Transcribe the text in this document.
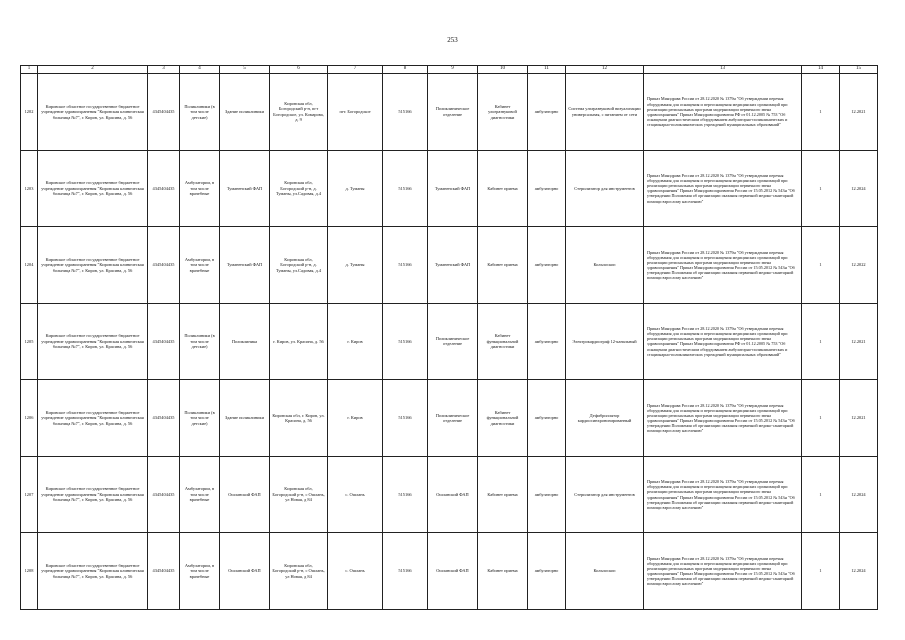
253
1	2	3	4	5	6	7	8	9	10	11	12	13	14	15
1202	Кировское областное государственное бюджетное учреждение здравоохранения "Кировская клиническая больница №7", г. Киров, ул. Красина, д. 56	4345404435	Поликлиники (в том числе детские)	Здание поликлиники	Кировская обл, Богородский р-н, пгт Богородское, ул. Комарова, д. 9	пгт. Богородское	515166	Поликлиническое отделение	Кабинет ультразвуковой диагностики	амбулаторно	Система ультразвуковой визуализации универсальная, с питанием от сети	Приказ Минздрава России от 28.12.2020 № 1379н "Об утверждении перечня оборудования для оснащения и переоснащения медицинских организаций при реализации региональных программ модернизации первичного звена здравоохранения" Приказ Минздравсоцразвития РФ от 01.12.2005 № 753 "Об оснащении диагностическим оборудованием амбулаторно-поликлинических и стационарно-поликлинических учреждений муниципальных образований"	1	12.2021
1203	Кировское областное государственное бюджетное учреждение здравоохранения "Кировская клиническая больница №7", г. Киров, ул. Красина, д. 56	4345404435	Амбулатории, в том числе врачебные	Туманенский ФАП	Кировская обл, Богородский р-н, д. Туманы, ул.Садовая, д.4	д. Туманы	515166	Туманенский ФАП	Кабинет приема	амбулаторно	Стерилизатор для инструментов	Приказ Минздрава России от 28.12.2020 № 1379н "Об утверждении перечня оборудования для оснащения и переоснащения медицинских организаций при реализации региональных программ модернизации первичного звена здравоохранения" Приказ Минздравсоцразвития России от 15.05.2012 № 543н "Об утверждении Положения об организации оказания первичной медико-санитарной помощи взрослому населению"	1	12.2024
1204	Кировское областное государственное бюджетное учреждение здравоохранения "Кировская клиническая больница №7", г. Киров, ул. Красина, д. 56	4345404435	Амбулатории, в том числе врачебные	Туманенский ФАП	Кировская обл, Богородский р-н, д. Туманы, ул.Садовая, д.4	д. Туманы	515166	Туманенский ФАП	Кабинет приема	амбулаторно	Кольпоскоп	Приказ Минздрава России от 28.12.2020 № 1379н "Об утверждении перечня оборудования для оснащения и переоснащения медицинских организаций при реализации региональных программ модернизации первичного звена здравоохранения" Приказ Минздравсоцразвития России от 15.05.2012 № 543н "Об утверждении Положения об организации оказания первичной медико-санитарной помощи взрослому населению"	1	12.2022
1205	Кировское областное государственное бюджетное учреждение здравоохранения "Кировская клиническая больница №7", г. Киров, ул. Красина, д. 56	4345404435	Поликлиники (в том числе детские)	Поликлиника	г. Киров, ул. Красина, д. 56	г. Киров	515166	Поликлиническое отделение	Кабинет функциональной диагностики	амбулаторно	Электрокардиограф 12-канальный	Приказ Минздрава России от 28.12.2020 № 1379н "Об утверждении перечня оборудования для оснащения и переоснащения медицинских организаций при реализации региональных программ модернизации первичного звена здравоохранения" Приказ Минздравсоцразвития РФ от 01.12.2005 № 753 "Об оснащении диагностическим оборудованием амбулаторно-поликлинических и стационарно-поликлинических учреждений муниципальных образований"	1	12.2021
1206	Кировское областное государственное бюджетное учреждение здравоохранения "Кировская клиническая больница №7", г. Киров, ул. Красина, д. 56	4345404435	Поликлиники (в том числе детские)	Здание поликлиники	Кировская обл, г. Киров, ул. Красина, д. 56	г. Киров	515166	Поликлиническое отделение	Кабинет функциональной диагностики	амбулаторно	Дефибриллятор кардиосинхронизированный	Приказ Минздрава России от 28.12.2020 № 1379н "Об утверждении перечня оборудования для оснащения и переоснащения медицинских организаций при реализации региональных программ модернизации первичного звена здравоохранения" Приказ Минздравсоцразвития России от 15.05.2012 № 543н "Об утверждении Положения об организации оказания первичной медико-санитарной помощи взрослому населению"	1	12.2021
1207	Кировское областное государственное бюджетное учреждение здравоохранения "Кировская клиническая больница №7", г. Киров, ул. Красина, д. 56	4345404435	Амбулатории, в том числе врачебные	Ошланский ФАП	Кировская обл, Богородский р-н, с Ошлань, ул Новая, д 84	с. Ошлань	515166	Ошланский ФАП	Кабинет приема	амбулаторно	Стерилизатор для инструментов	Приказ Минздрава России от 28.12.2020 № 1379н "Об утверждении перечня оборудования для оснащения и переоснащения медицинских организаций при реализации региональных программ модернизации первичного звена здравоохранения" Приказ Минздравсоцразвития России от 15.05.2012 № 543н "Об утверждении Положения об организации оказания первичной медико-санитарной помощи взрослому населению"	1	12.2024
1208	Кировское областное государственное бюджетное учреждение здравоохранения "Кировская клиническая больница №7", г. Киров, ул. Красина, д. 56	4345404435	Амбулатории, в том числе врачебные	Ошланский ФАП	Кировская обл, Богородский р-н, с Ошлань, ул Новая, д 84	с. Ошлань	515166	Ошланский ФАП	Кабинет приема	амбулаторно	Кольпоскоп	Приказ Минздрава России от 28.12.2020 № 1379н "Об утверждении перечня оборудования для оснащения и переоснащения медицинских организаций при реализации региональных программ модернизации первичного звена здравоохранения" Приказ Минздравсоцразвития России от 15.05.2012 № 543н "Об утверждении Положения об организации оказания первичной медико-санитарной помощи взрослому населению"	1	12.2024
